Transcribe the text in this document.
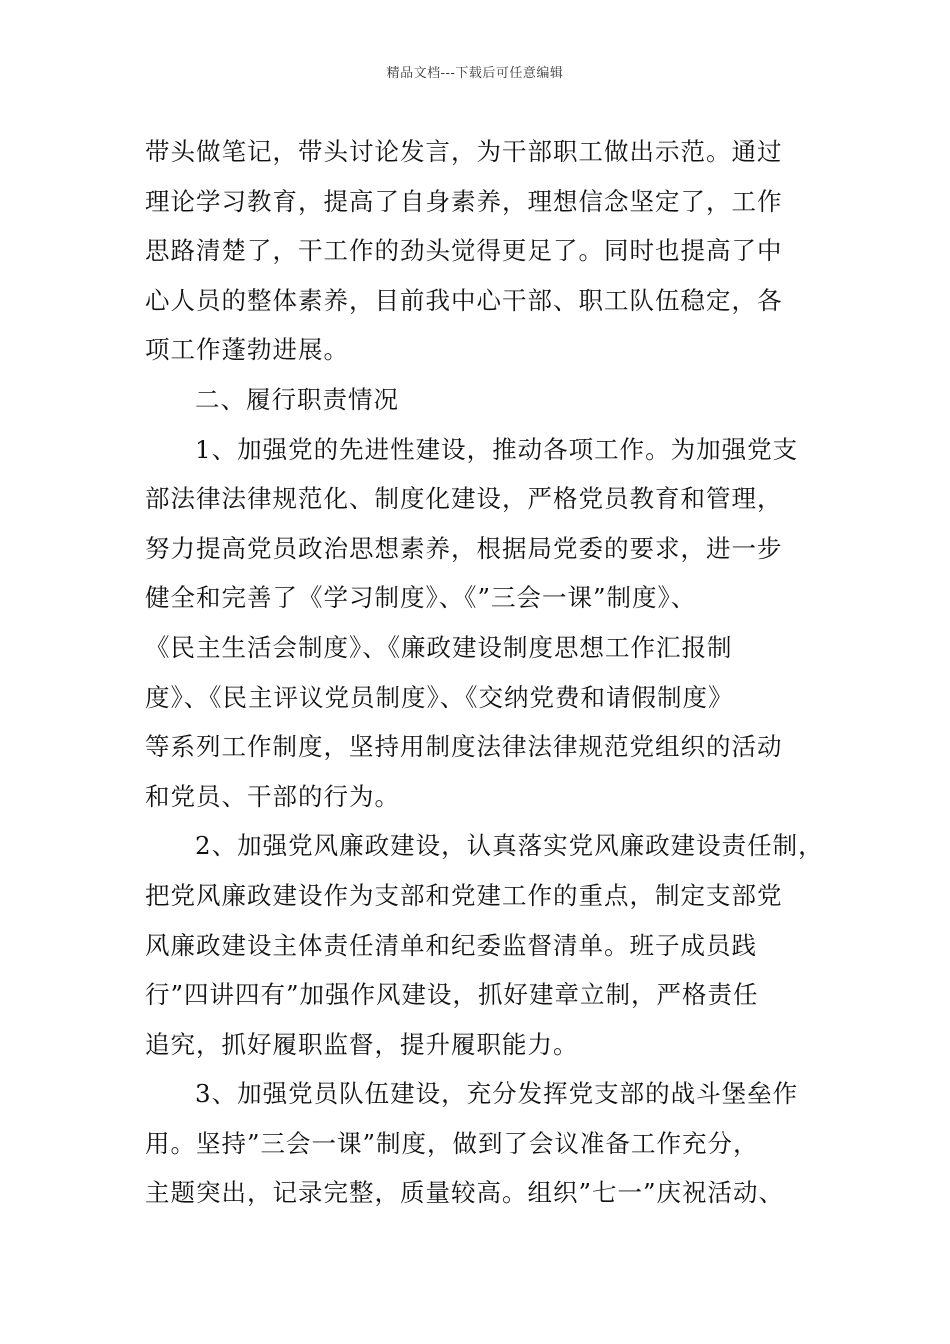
精品文档---下载后可任意编辑
带头做笔记，带头讨论发言，为干部职工做出示范。通过
理论学习教育，提高了自身素养，理想信念坚定了，工作
思路清楚了，干工作的劲头觉得更足了。同时也提高了中
心人员的整体素养，目前我中心干部、职工队伍稳定，各
项工作蓬勃进展。
二、履行职责情况
1、加强党的先进性建设，推动各项工作。为加强党支
部法律法律规范化、制度化建设，严格党员教育和管理，
努力提高党员政治思想素养，根据局党委的要求，进一步
健全和完善了《学习制度》、《”三会一课”制度》、
《民主生活会制度》、《廉政建设制度思想工作汇报制
度》、《民主评议党员制度》、《交纳党费和请假制度》
等系列工作制度，坚持用制度法律法律规范党组织的活动
和党员、干部的行为。
2、加强党风廉政建设，认真落实党风廉政建设责任制，
把党风廉政建设作为支部和党建工作的重点，制定支部党
风廉政建设主体责任清单和纪委监督清单。班子成员践
行”四讲四有”加强作风建设，抓好建章立制，严格责任
追究，抓好履职监督，提升履职能力。
3、加强党员队伍建设，充分发挥党支部的战斗堡垒作
用。坚持”三会一课”制度，做到了会议准备工作充分，
主题突出，记录完整，质量较高。组织”七一”庆祝活动、
